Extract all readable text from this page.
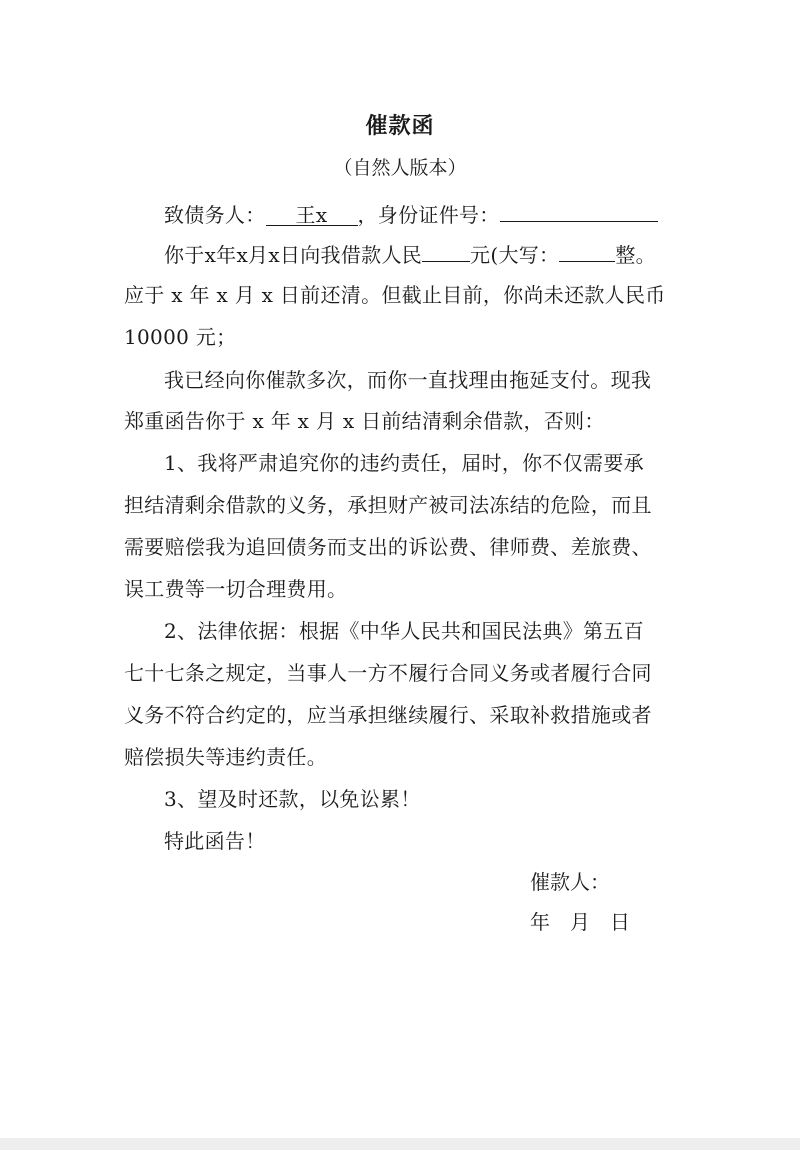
催款函
（自然人版本）
致债务人： 王x ，身份证件号：
你于x年x月x日向我借款人民 元(大写：	整。
应于 x 年 x 月 x 日前还清。但截止目前，你尚未还款人民币
10000 元；
我已经向你催款多次，而你一直找理由拖延支付。现我
郑重函告你于 x 年 x 月 x 日前结清剩余借款，否则：
1、我将严肃追究你的违约责任，届时，你不仅需要承
担结清剩余借款的义务，承担财产被司法冻结的危险，而且
需要赔偿我为追回债务而支出的诉讼费、律师费、差旅费、
误工费等一切合理费用。
2、法律依据：根据《中华人民共和国民法典》第五百
七十七条之规定，当事人一方不履行合同义务或者履行合同
义务不符合约定的，应当承担继续履行、采取补救措施或者
赔偿损失等违约责任。
3、望及时还款，以免讼累！
特此函告！
催款人：
年　月　日
